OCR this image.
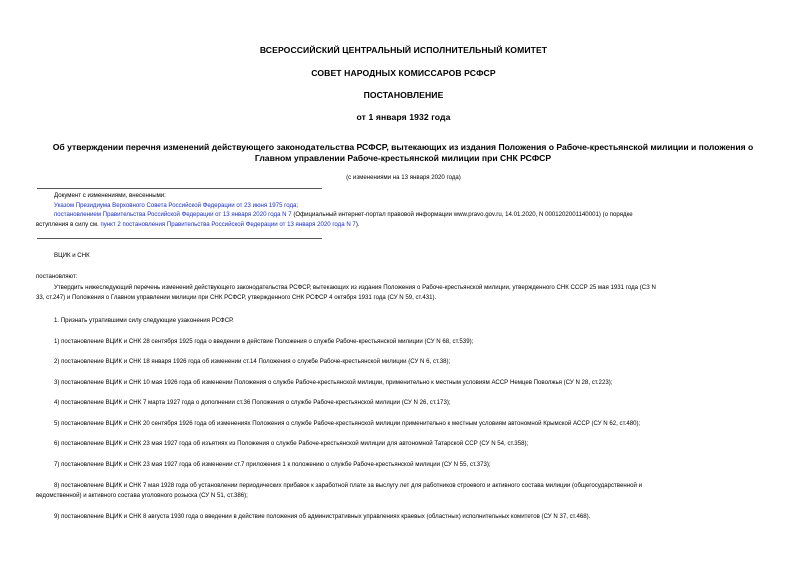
ВСЕРОССИЙСКИЙ ЦЕНТРАЛЬНЫЙ ИСПОЛНИТЕЛЬНЫЙ КОМИТЕТ
СОВЕТ НАРОДНЫХ КОМИССАРОВ РСФСР
ПОСТАНОВЛЕНИЕ
от 1 января 1932 года
Об утверждении перечня изменений действующего законодательства РСФСР, вытекающих из издания Положения о Рабоче-крестьянской милиции и положения о
Главном управлении Рабоче-крестьянской милиции при СНК РСФСР
(с изменениями на 13 января 2020 года)
Документ с изменениями, внесенными:
Указом Президиума Верховного Совета Российской Федерации от 23 июня 1975 года;
постановлением Правительства Российской Федерации от 13 января 2020 года N 7 (Официальный интернет-портал правовой информации www.pravo.gov.ru, 14.01.2020, N 0001202001140001) (о порядке
вступления в силу см. пункт 2 постановления Правительства Российской Федерации от 13 января 2020 года N 7).
ВЦИК и СНК
постановляют:
Утвердить нижеследующий перечень изменений действующего законодательства РСФСР, вытекающих из издания Положения о Рабоче-крестьянской милиции, утвержденного СНК СССР 25 мая 1931 года (СЗ N
33, ст.247) и Положения о Главном управлении милиции при СНК РСФСР, утвержденного СНК РСФСР 4 октября 1931 года (СУ N 59, ст.431).
1. Признать утратившими силу следующие узаконения РСФСР.
1) постановление ВЦИК и СНК 28 сентября 1925 года о введении в действие Положения о службе Рабоче-крестьянской милиции (СУ N 68, ст.539);
2) постановление ВЦИК и СНК 18 января 1926 года об изменении ст.14 Положения о службе Рабоче-крестьянской милиции (СУ N 6, ст.38);
3) постановление ВЦИК и СНК 10 мая 1926 года об изменении Положения о службе Рабоче-крестьянской милиции, применительно к местным условиям АССР Немцев Поволжья (СУ N 28, ст.223);
4) постановление ВЦИК и СНК 7 марта 1927 года о дополнении ст.36 Положения о службе Рабоче-крестьянской милиции (СУ N 26, ст.173);
5) постановление ВЦИК и СНК 20 сентября 1926 года об изменениях Положения о службе Рабоче-крестьянской милиции применительно к местным условиям автономной Крымской АССР (СУ N 62, ст.480);
6) постановление ВЦИК и СНК 23 мая 1927 года об изъятиях из Положения о службе Рабоче-крестьянской милиции для автономной Татарской ССР (СУ N 54, ст.358);
7) постановление ВЦИК и СНК 23 мая 1927 года об изменении ст.7 приложения 1 к положению о службе Рабоче-крестьянской милиции (СУ N 55, ст.373);
8) постановление ВЦИК и СНК 7 мая 1928 года об установлении периодических прибавок к заработной плате за выслугу лет для работников строевого и активного состава милиции (общегосударственной и
ведомственной) и активного состава уголовного розыска (СУ N 51, ст.386);
9) постановление ВЦИК и СНК 8 августа 1930 года о введении в действие положения об административных управлениях краевых (областных) исполнительных комитетов (СУ N 37, ст.468).
